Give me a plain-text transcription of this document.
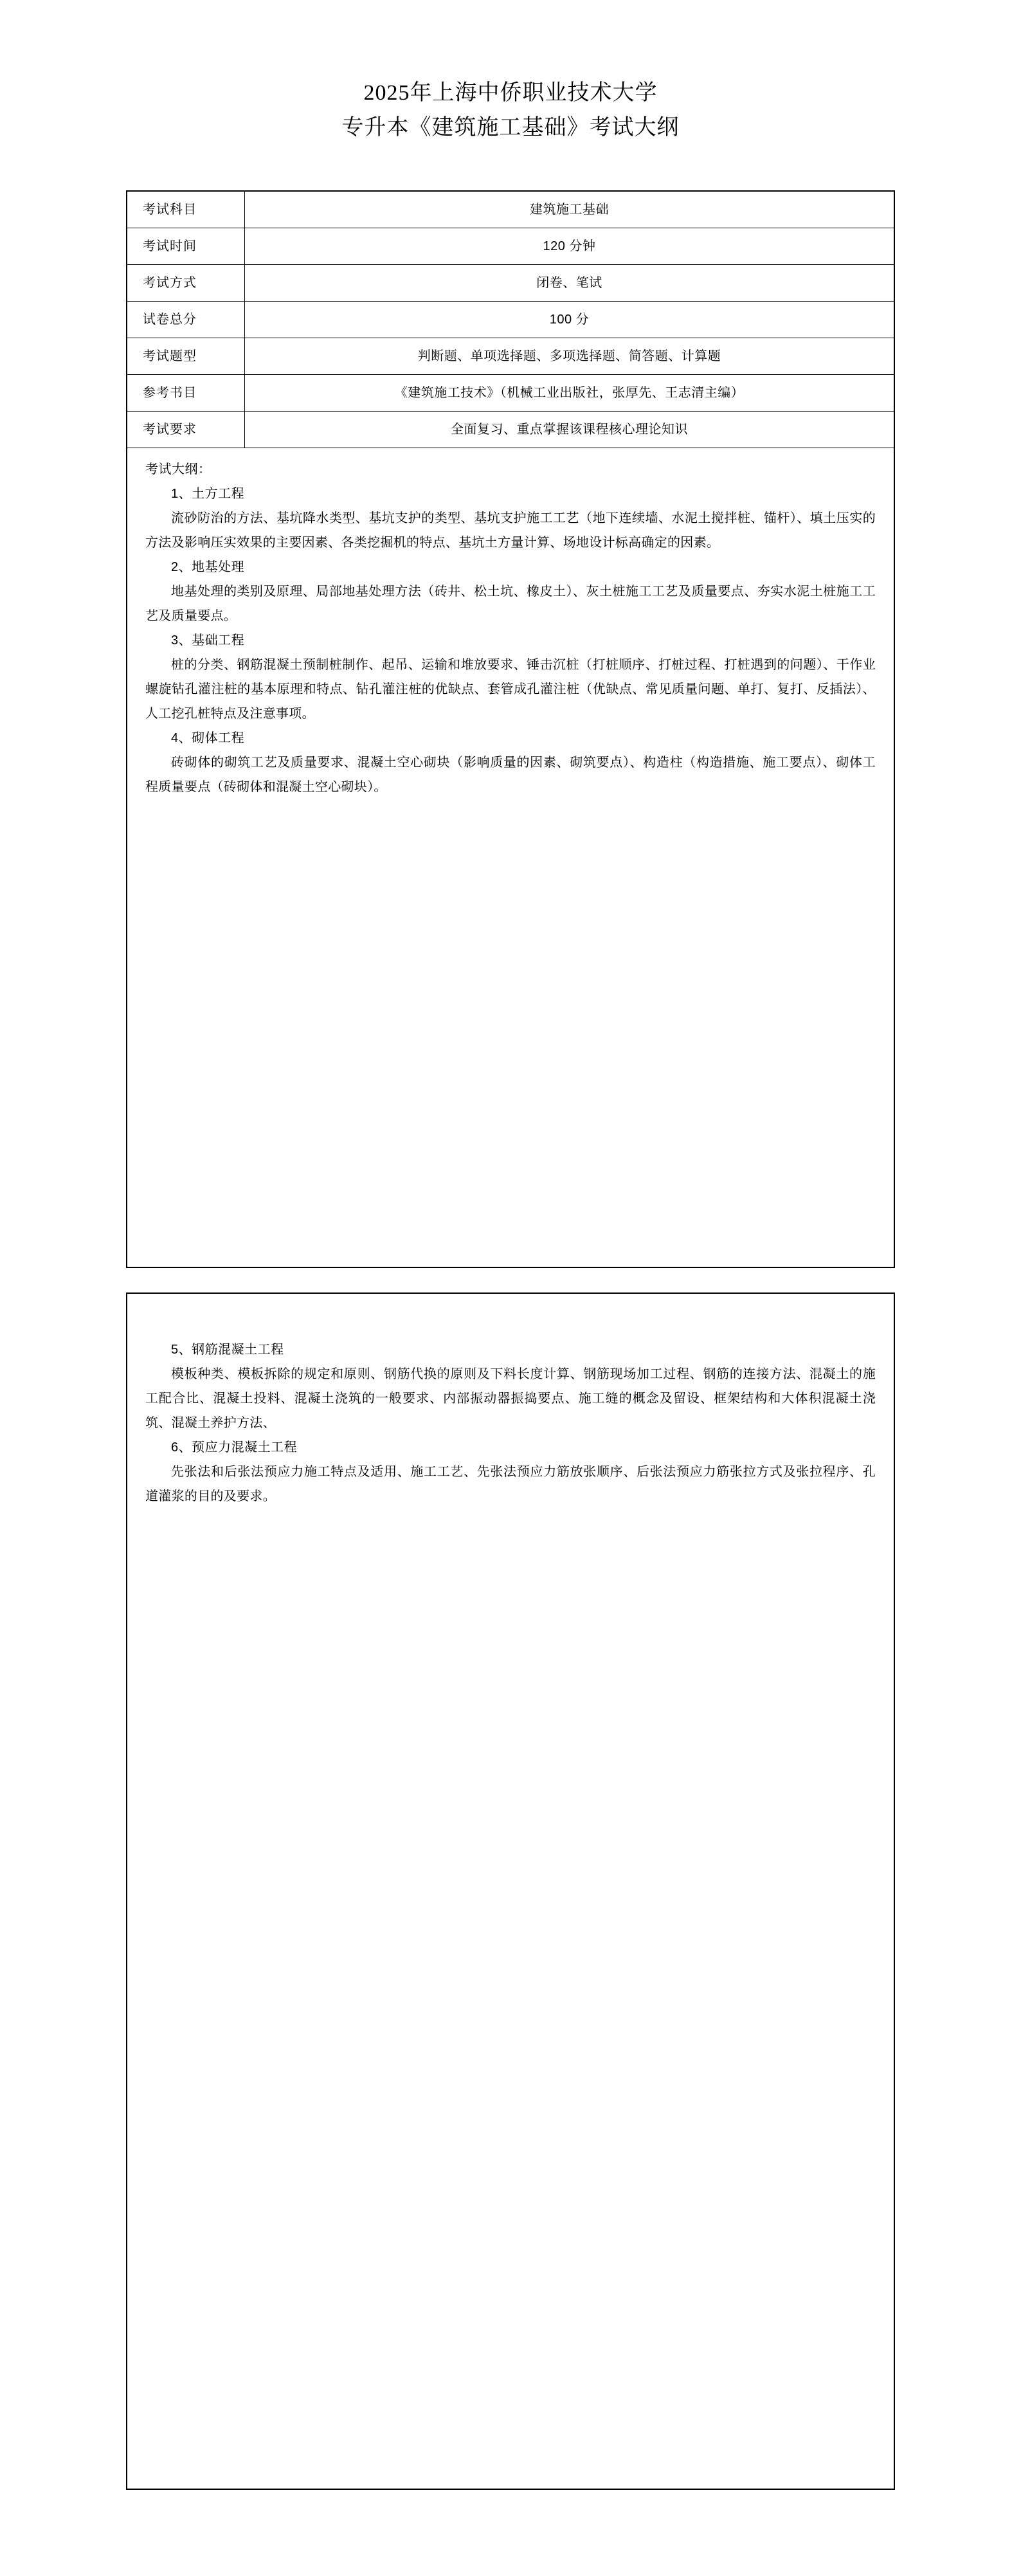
2025年上海中侨职业技术大学
专升本《建筑施工基础》考试大纲
考试科目	建筑施工基础
考试时间	120 分钟
考试方式	闭卷、笔试
试卷总分	100 分
考试题型	判断题、单项选择题、多项选择题、简答题、计算题
参考书目	《建筑施工技术》（机械工业出版社，张厚先、王志清主编）
考试要求	全面复习、重点掌握该课程核心理论知识

考试大纲：

1、土方工程

流砂防治的方法、基坑降水类型、基坑支护的类型、基坑支护施工工艺（地下连续墙、水泥土搅拌桩、锚杆）、填土压实的方法及影响压实效果的主要因素、各类挖掘机的特点、基坑土方量计算、场地设计标高确定的因素。

2、地基处理

地基处理的类别及原理、局部地基处理方法（砖井、松土坑、橡皮土）、灰土桩施工工艺及质量要点、夯实水泥土桩施工工艺及质量要点。

3、基础工程

桩的分类、钢筋混凝土预制桩制作、起吊、运输和堆放要求、锤击沉桩（打桩顺序、打桩过程、打桩遇到的问题）、干作业螺旋钻孔灌注桩的基本原理和特点、钻孔灌注桩的优缺点、套管成孔灌注桩（优缺点、常见质量问题、单打、复打、反插法）、人工挖孔桩特点及注意事项。

4、砌体工程

砖砌体的砌筑工艺及质量要求、混凝土空心砌块（影响质量的因素、砌筑要点）、构造柱（构造措施、施工要点）、砌体工程质量要点（砖砌体和混凝土空心砌块）。

5、钢筋混凝土工程

模板种类、模板拆除的规定和原则、钢筋代换的原则及下料长度计算、钢筋现场加工过程、钢筋的连接方法、混凝土的施工配合比、混凝土投料、混凝土浇筑的一般要求、内部振动器振捣要点、施工缝的概念及留设、框架结构和大体积混凝土浇筑、混凝土养护方法、

6、预应力混凝土工程

先张法和后张法预应力施工特点及适用、施工工艺、先张法预应力筋放张顺序、后张法预应力筋张拉方式及张拉程序、孔道灌浆的目的及要求。
